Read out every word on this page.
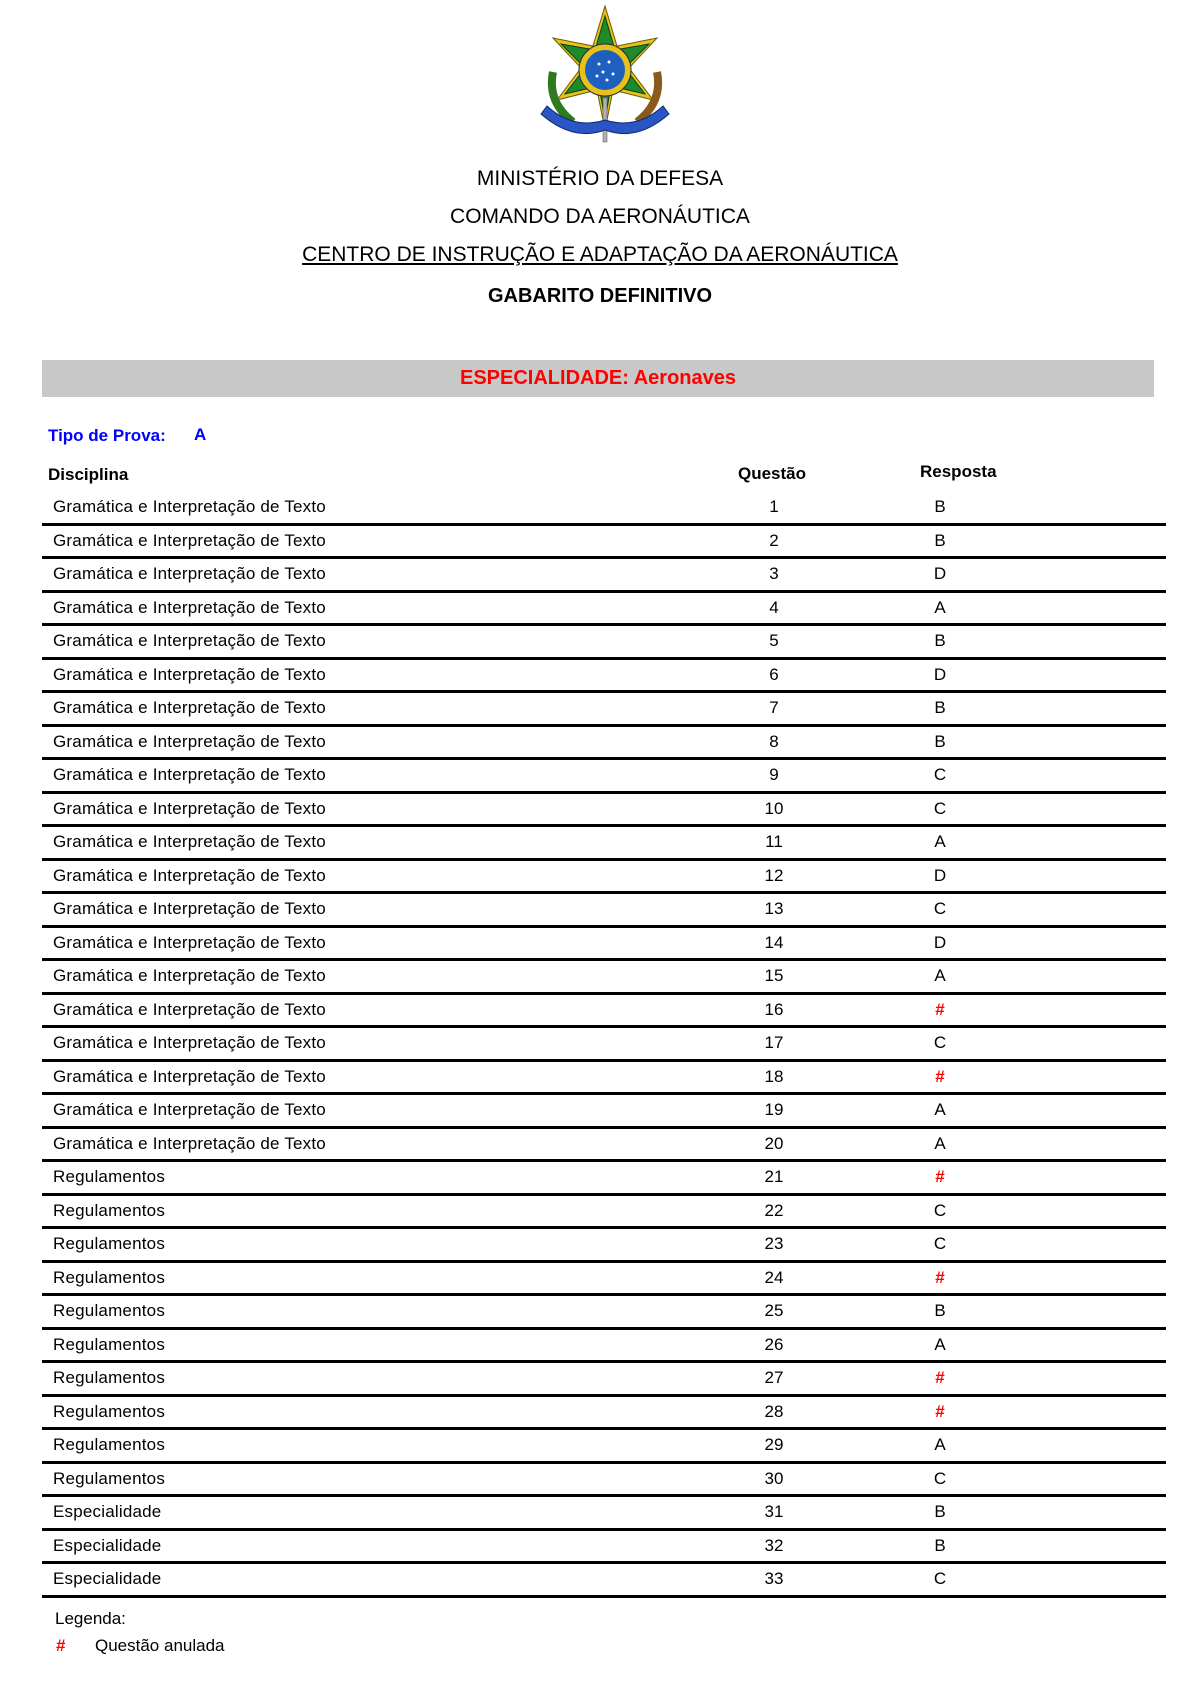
MINISTÉRIO DA DEFESA
COMANDO DA AERONÁUTICA
CENTRO DE INSTRUÇÃO E ADAPTAÇÃO DA AERONÁUTICA
GABARITO DEFINITIVO
ESPECIALIDADE: Aeronaves
Tipo de Prova: A
Disciplina	Questão	Resposta
Gramática e Interpretação de Texto	1	B
Gramática e Interpretação de Texto	2	B
Gramática e Interpretação de Texto	3	D
Gramática e Interpretação de Texto	4	A
Gramática e Interpretação de Texto	5	B
Gramática e Interpretação de Texto	6	D
Gramática e Interpretação de Texto	7	B
Gramática e Interpretação de Texto	8	B
Gramática e Interpretação de Texto	9	C
Gramática e Interpretação de Texto	10	C
Gramática e Interpretação de Texto	11	A
Gramática e Interpretação de Texto	12	D
Gramática e Interpretação de Texto	13	C
Gramática e Interpretação de Texto	14	D
Gramática e Interpretação de Texto	15	A
Gramática e Interpretação de Texto	16	#
Gramática e Interpretação de Texto	17	C
Gramática e Interpretação de Texto	18	#
Gramática e Interpretação de Texto	19	A
Gramática e Interpretação de Texto	20	A
Regulamentos	21	#
Regulamentos	22	C
Regulamentos	23	C
Regulamentos	24	#
Regulamentos	25	B
Regulamentos	26	A
Regulamentos	27	#
Regulamentos	28	#
Regulamentos	29	A
Regulamentos	30	C
Especialidade	31	B
Especialidade	32	B
Especialidade	33	C
Legenda:
# Questão anulada
